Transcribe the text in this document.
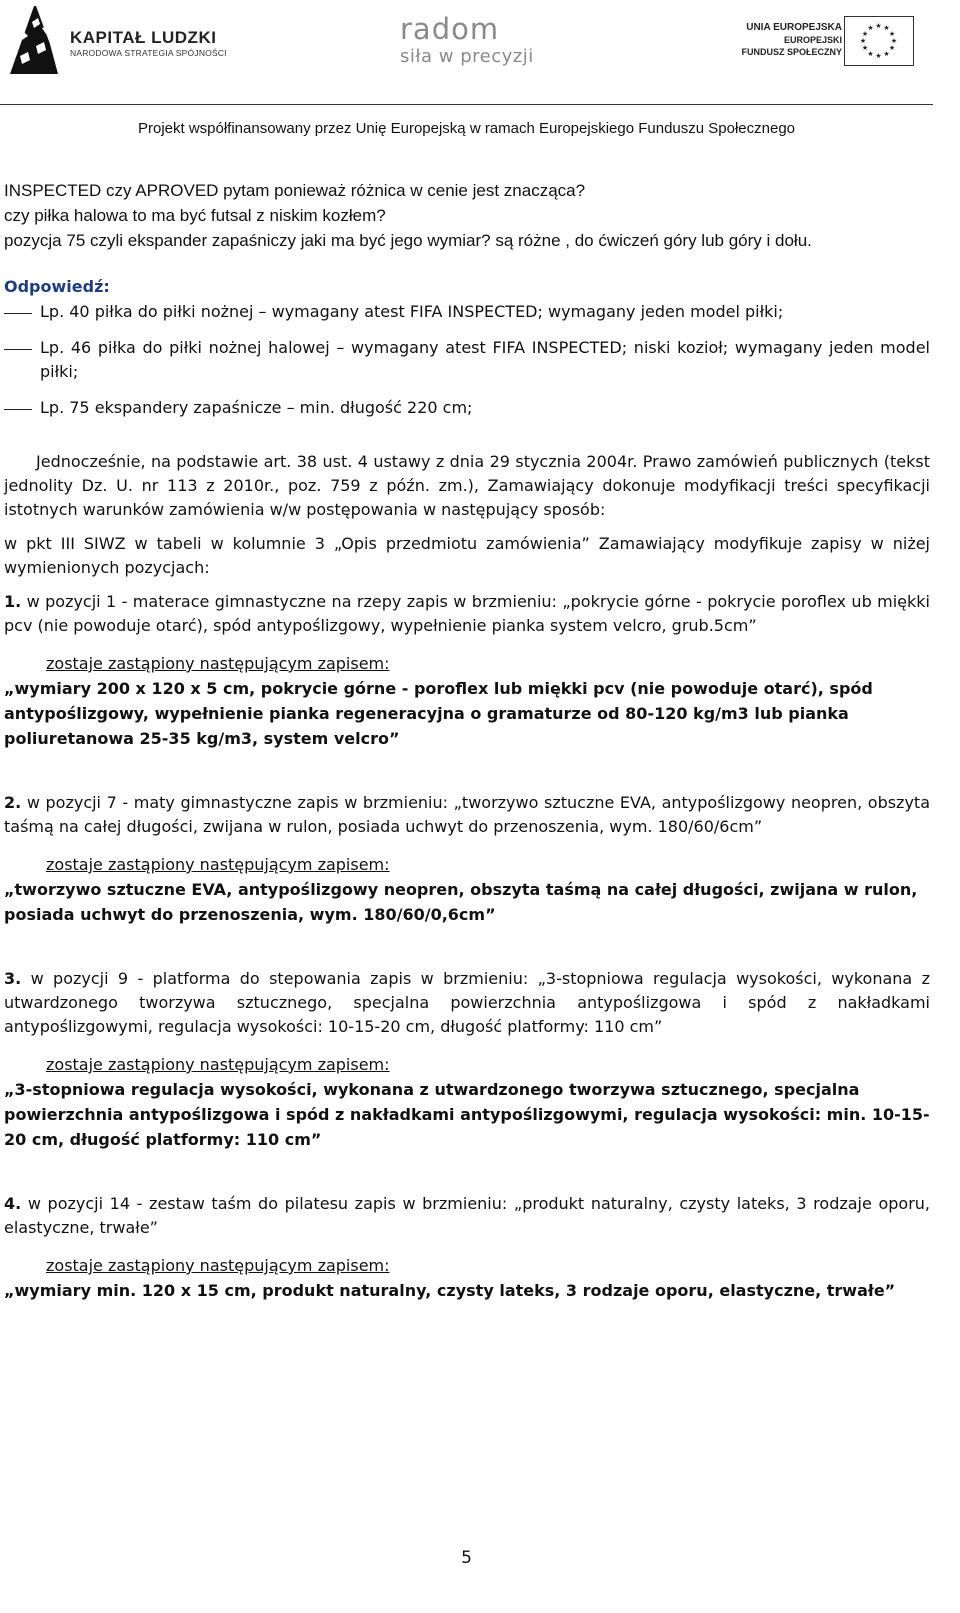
KAPITAŁ LUDZKI
NARODOWA STRATEGIA SPÓJNOŚCI
radom
siła w precyzji
UNIA EUROPEJSKA
EUROPEJSKI
FUNDUSZ SPOŁECZNY
★ ★
★
★
★
★
★
★
★
★
★
★
Projekt współfinansowany przez Unię Europejską w ramach Europejskiego Funduszu Społecznego

INSPECTED czy APROVED pytam ponieważ różnica w cenie jest znacząca?

czy piłka halowa to ma być futsal z niskim kozłem?

pozycja 75 czyli ekspander zapaśniczy jaki ma być jego wymiar? są różne , do ćwiczeń góry lub góry i dołu.

Odpowiedź:
Lp. 40 piłka do piłki nożnej – wymagany atest FIFA INSPECTED; wymagany jeden model piłki;
Lp. 46 piłka do piłki nożnej halowej – wymagany atest FIFA INSPECTED; niski kozioł; wymagany jeden model piłki;
Lp. 75 ekspandery zapaśnicze – min. długość 220 cm;

Jednocześnie, na podstawie art. 38 ust. 4 ustawy z dnia 29 stycznia 2004r. Prawo zamówień publicznych (tekst jednolity Dz. U. nr 113 z 2010r., poz. 759 z późn. zm.), Zamawiający dokonuje modyfikacji treści specyfikacji istotnych warunków zamówienia w/w postępowania w następujący sposób:

w pkt III SIWZ w tabeli w kolumnie 3 „Opis przedmiotu zamówienia” Zamawiający modyfikuje zapisy w niżej wymienionych pozycjach:

1. w pozycji 1 - materace gimnastyczne na rzepy zapis w brzmieniu: „pokrycie górne - pokrycie poroflex ub miękki pcv (nie powoduje otarć), spód antypoślizgowy, wypełnienie pianka system velcro, grub.5cm”

zostaje zastąpiony następującym zapisem:
„wymiary 200 x 120 x 5 cm, pokrycie górne - poroflex lub miękki pcv (nie powoduje otarć), spód antypoślizgowy, wypełnienie pianka regeneracyjna o gramaturze od 80-120 kg/m3 lub pianka poliuretanowa 25-35 kg/m3, system velcro”

2. w pozycji 7 - maty gimnastyczne zapis w brzmieniu: „tworzywo sztuczne EVA, antypoślizgowy neopren, obszyta taśmą na całej długości, zwijana w rulon, posiada uchwyt do przenoszenia, wym. 180/60/6cm”

zostaje zastąpiony następującym zapisem:
„tworzywo sztuczne EVA, antypoślizgowy neopren, obszyta taśmą na całej długości, zwijana w rulon, posiada uchwyt do przenoszenia, wym. 180/60/0,6cm”

3. w pozycji 9 - platforma do stepowania zapis w brzmieniu: „3-stopniowa regulacja wysokości, wykonana z utwardzonego tworzywa sztucznego, specjalna powierzchnia antypoślizgowa i spód z nakładkami antypoślizgowymi, regulacja wysokości: 10-15-20 cm, długość platformy: 110 cm”

zostaje zastąpiony następującym zapisem:
„3-stopniowa regulacja wysokości, wykonana z utwardzonego tworzywa sztucznego, specjalna powierzchnia antypoślizgowa i spód z nakładkami antypoślizgowymi, regulacja wysokości: min. 10-15-20 cm, długość platformy: 110 cm”

4. w pozycji 14 - zestaw taśm do pilatesu zapis w brzmieniu: „produkt naturalny, czysty lateks, 3 rodzaje oporu, elastyczne, trwałe”

zostaje zastąpiony następującym zapisem:
„wymiary min. 120 x 15 cm, produkt naturalny, czysty lateks, 3 rodzaje oporu, elastyczne, trwałe”
5
